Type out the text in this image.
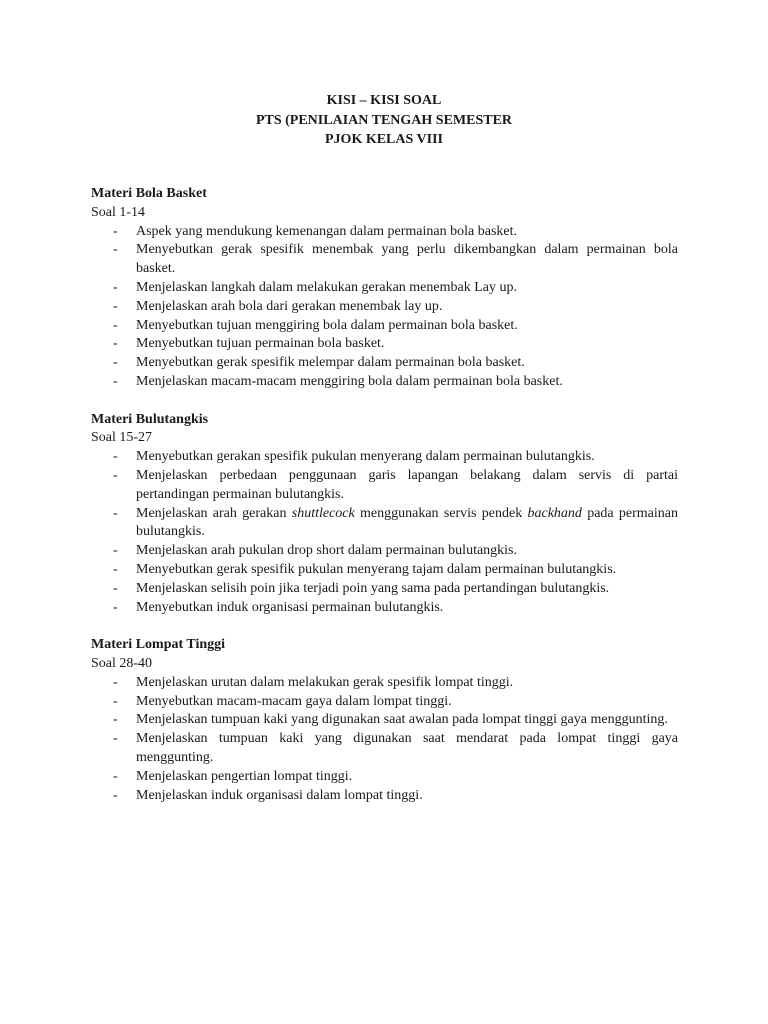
KISI – KISI SOAL
PTS (PENILAIAN TENGAH SEMESTER
PJOK KELAS VIII
Materi Bola Basket
Soal 1-14
- Aspek yang mendukung kemenangan dalam permainan bola basket.
- Menyebutkan gerak spesifik menembak yang perlu dikembangkan dalam permainan bola basket.
- Menjelaskan langkah dalam melakukan gerakan menembak Lay up.
- Menjelaskan arah bola dari gerakan menembak lay up.
- Menyebutkan tujuan menggiring bola dalam permainan bola basket.
- Menyebutkan tujuan permainan bola basket.
- Menyebutkan gerak spesifik melempar dalam permainan bola basket.
- Menjelaskan macam-macam menggiring bola dalam permainan bola basket.
Materi Bulutangkis
Soal 15-27
- Menyebutkan gerakan spesifik pukulan menyerang dalam permainan bulutangkis.
- Menjelaskan perbedaan penggunaan garis lapangan belakang dalam servis di partai pertandingan permainan bulutangkis.
- Menjelaskan arah gerakan shuttlecock menggunakan servis pendek backhand pada permainan bulutangkis.
- Menjelaskan arah pukulan drop short dalam permainan bulutangkis.
- Menyebutkan gerak spesifik pukulan menyerang tajam dalam permainan bulutangkis.
- Menjelaskan selisih poin jika terjadi poin yang sama pada pertandingan bulutangkis.
- Menyebutkan induk organisasi permainan bulutangkis.
Materi Lompat Tinggi
Soal 28-40
- Menjelaskan urutan dalam melakukan gerak spesifik lompat tinggi.
- Menyebutkan macam-macam gaya dalam lompat tinggi.
- Menjelaskan tumpuan kaki yang digunakan saat awalan pada lompat tinggi gaya menggunting.
- Menjelaskan tumpuan kaki yang digunakan saat mendarat pada lompat tinggi gaya menggunting.
- Menjelaskan pengertian lompat tinggi.
- Menjelaskan induk organisasi dalam lompat tinggi.
